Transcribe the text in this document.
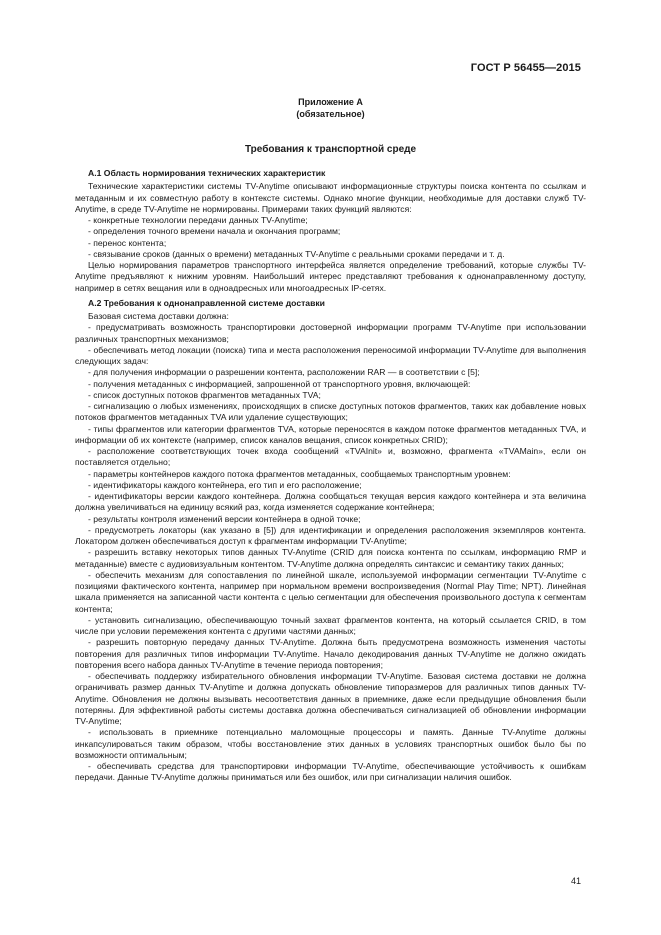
ГОСТ Р 56455—2015
Приложение А
(обязательное)
Требования к транспортной среде
А.1 Область нормирования технических характеристик

Технические характеристики системы TV-Anytime описывают информационные структуры поиска контента по ссылкам и метаданным и их совместную работу в контексте системы. Однако многие функции, необходимые для доставки служб TV-Anytime, в среде TV-Anytime не нормированы. Примерами таких функций являются:

- конкретные технологии передачи данных TV-Anytime;

- определения точного времени начала и окончания программ;

- перенос контента;

- связывание сроков (данных о времени) метаданных TV-Anytime с реальными сроками передачи и т. д.

Целью нормирования параметров транспортного интерфейса является определение требований, которые службы TV-Anytime предъявляют к нижним уровням. Наибольший интерес представляют требования к однонаправленному доступу, например в сетях вещания или в одноадресных или многоадресных IP-сетях.

А.2 Требования к однонаправленной системе доставки

Базовая система доставки должна:

- предусматривать возможность транспортировки достоверной информации программ TV-Anytime при использовании различных транспортных механизмов;

- обеспечивать метод локации (поиска) типа и места расположения переносимой информации TV-Anytime для выполнения следующих задач:

- для получения информации о разрешении контента, расположении RAR — в соответствии с [5];

- получения метаданных с информацией, запрошенной от транспортного уровня, включающей:

- список доступных потоков фрагментов метаданных TVA;

- сигнализацию о любых изменениях, происходящих в списке доступных потоков фрагментов, таких как добавление новых потоков фрагментов метаданных TVA или удаление существующих;

- типы фрагментов или категории фрагментов TVA, которые переносятся в каждом потоке фрагментов метаданных TVA, и информации об их контексте (например, список каналов вещания, список конкретных CRID);

- расположение соответствующих точек входа сообщений «TVAInit» и, возможно, фрагмента «TVAMain», если он поставляется отдельно;

- параметры контейнеров каждого потока фрагментов метаданных, сообщаемых транспортным уровнем:

- идентификаторы каждого контейнера, его тип и его расположение;

- идентификаторы версии каждого контейнера. Должна сообщаться текущая версия каждого контейнера и эта величина должна увеличиваться на единицу всякий раз, когда изменяется содержание контейнера;

- результаты контроля изменений версии контейнера в одной точке;

- предусмотреть локаторы (как указано в [5]) для идентификации и определения расположения экземпляров контента. Локатором должен обеспечиваться доступ к фрагментам информации TV-Anytime;

- разрешить вставку некоторых типов данных TV-Anytime (CRID для поиска контента по ссылкам, информацию RMP и метаданные) вместе с аудиовизуальным контентом. TV-Anytime должна определять синтаксис и семантику таких данных;

- обеспечить механизм для сопоставления по линейной шкале, используемой информации сегментации TV-Anytime с позициями фактического контента, например при нормальном времени воспроизведения (Normal Play Time; NPT). Линейная шкала применяется на записанной части контента с целью сегментации для обеспечения произвольного доступа к сегментам контента;

- установить сигнализацию, обеспечивающую точный захват фрагментов контента, на который ссылается CRID, в том числе при условии перемежения контента с другими частями данных;

- разрешить повторную передачу данных TV-Anytime. Должна быть предусмотрена возможность изменения частоты повторения для различных типов информации TV-Anytime. Начало декодирования данных TV-Anytime не должно ожидать повторения всего набора данных TV-Anytime в течение периода повторения;

- обеспечивать поддержку избирательного обновления информации TV-Anytime. Базовая система доставки не должна ограничивать размер данных TV-Anytime и должна допускать обновление типоразмеров для различных типов данных TV-Anytime. Обновления не должны вызывать несоответствия данных в приемнике, даже если предыдущие обновления были потеряны. Для эффективной работы системы доставка должна обеспечиваться сигнализацией об обновлении информации TV-Anytime;

- использовать в приемнике потенциально маломощные процессоры и память. Данные TV-Anytime должны инкапсулироваться таким образом, чтобы восстановление этих данных в условиях транспортных ошибок было бы по возможности оптимальным;

- обеспечивать средства для транспортировки информации TV-Anytime, обеспечивающие устойчивость к ошибкам передачи. Данные TV-Anytime должны приниматься или без ошибок, или при сигнализации наличия ошибок.

41
